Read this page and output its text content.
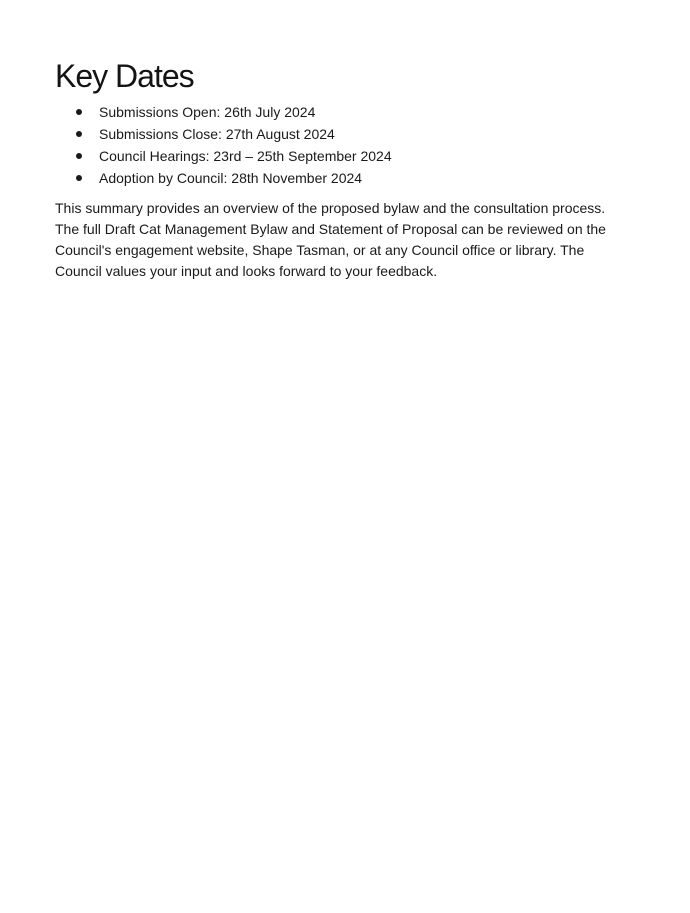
Key Dates
Submissions Open: 26th July 2024
Submissions Close: 27th August 2024
Council Hearings: 23rd – 25th September 2024
Adoption by Council: 28th November 2024

This summary provides an overview of the proposed bylaw and the consultation process. The full Draft Cat Management Bylaw and Statement of Proposal can be reviewed on the Council's engagement website, Shape Tasman, or at any Council office or library. The Council values your input and looks forward to your feedback.
